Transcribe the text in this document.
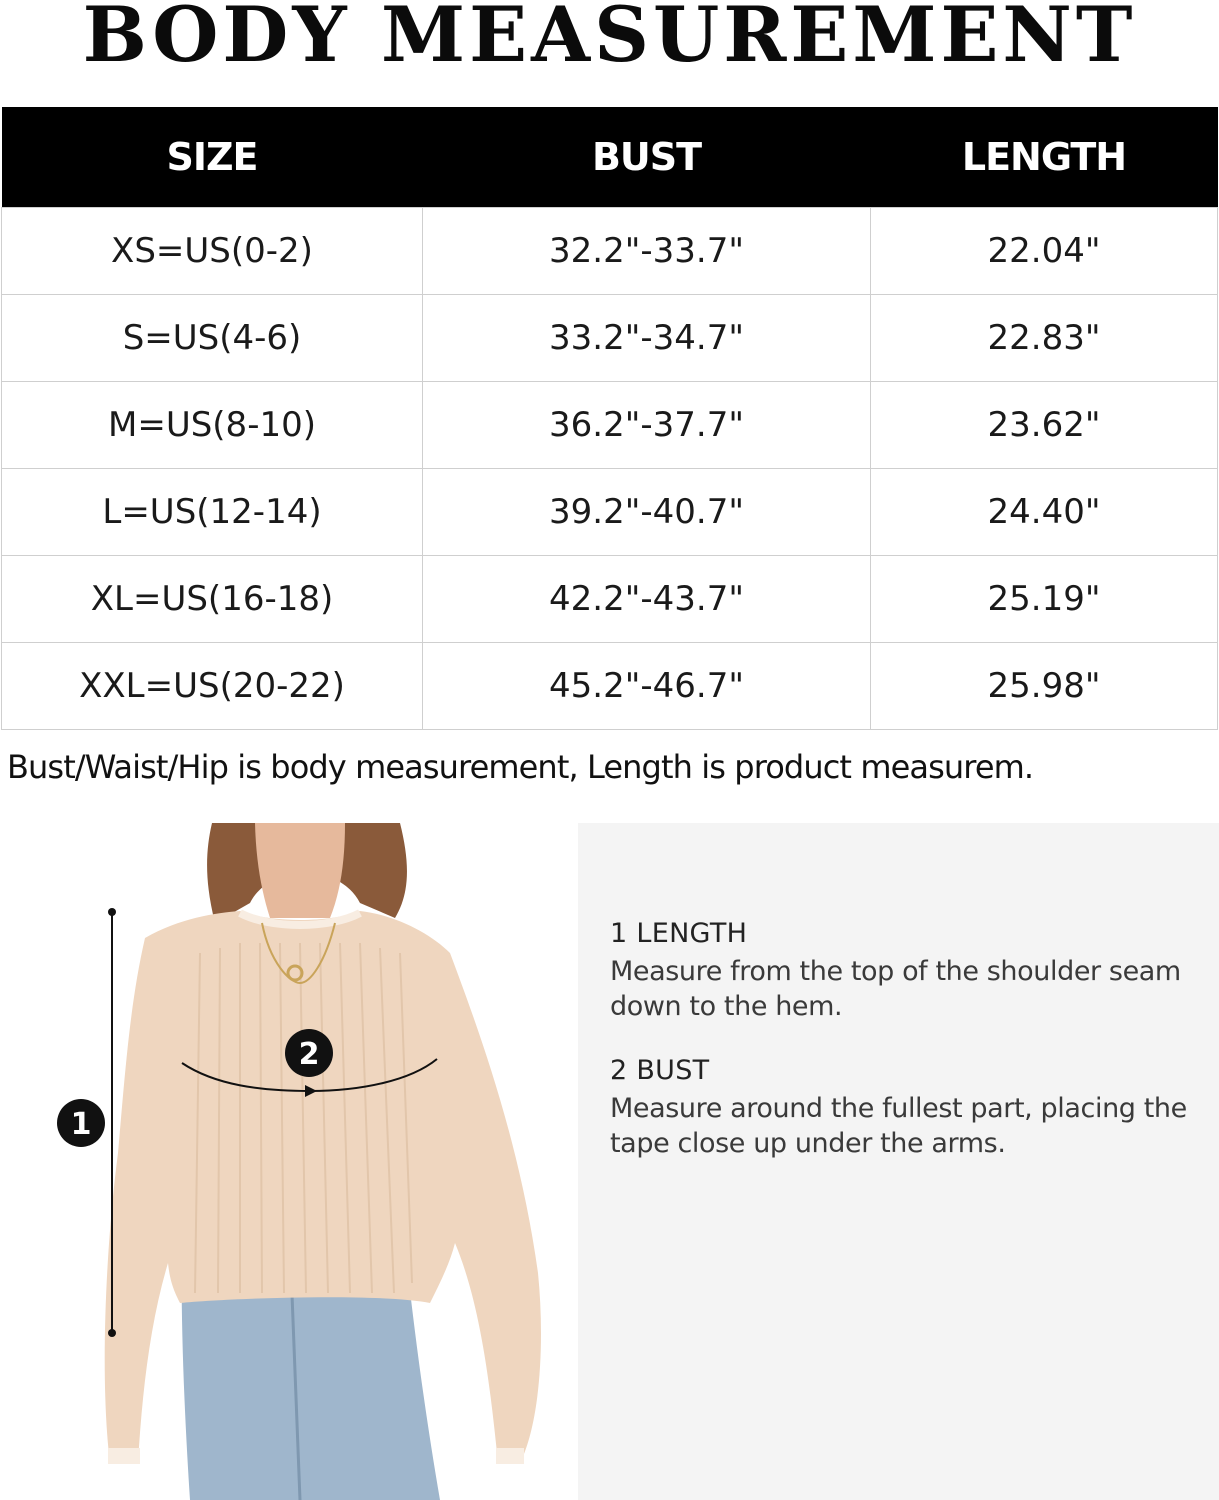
BODY MEASUREMENT
SIZE	BUST	LENGTH
XS=US(0-2)	32.2"-33.7"	22.04"
S=US(4-6)	33.2"-34.7"	22.83"
M=US(8-10)	36.2"-37.7"	23.62"
L=US(12-14)	39.2"-40.7"	24.40"
XL=US(16-18)	42.2"-43.7"	25.19"
XXL=US(20-22)	45.2"-46.7"	25.98"
Bust/Waist/Hip is body measurement, Length is product measurem.
1
2
1 LENGTH
Measure from the top of the shoulder seam down to the hem.
2 BUST
Measure around the fullest part, placing the tape close up under the arms.
